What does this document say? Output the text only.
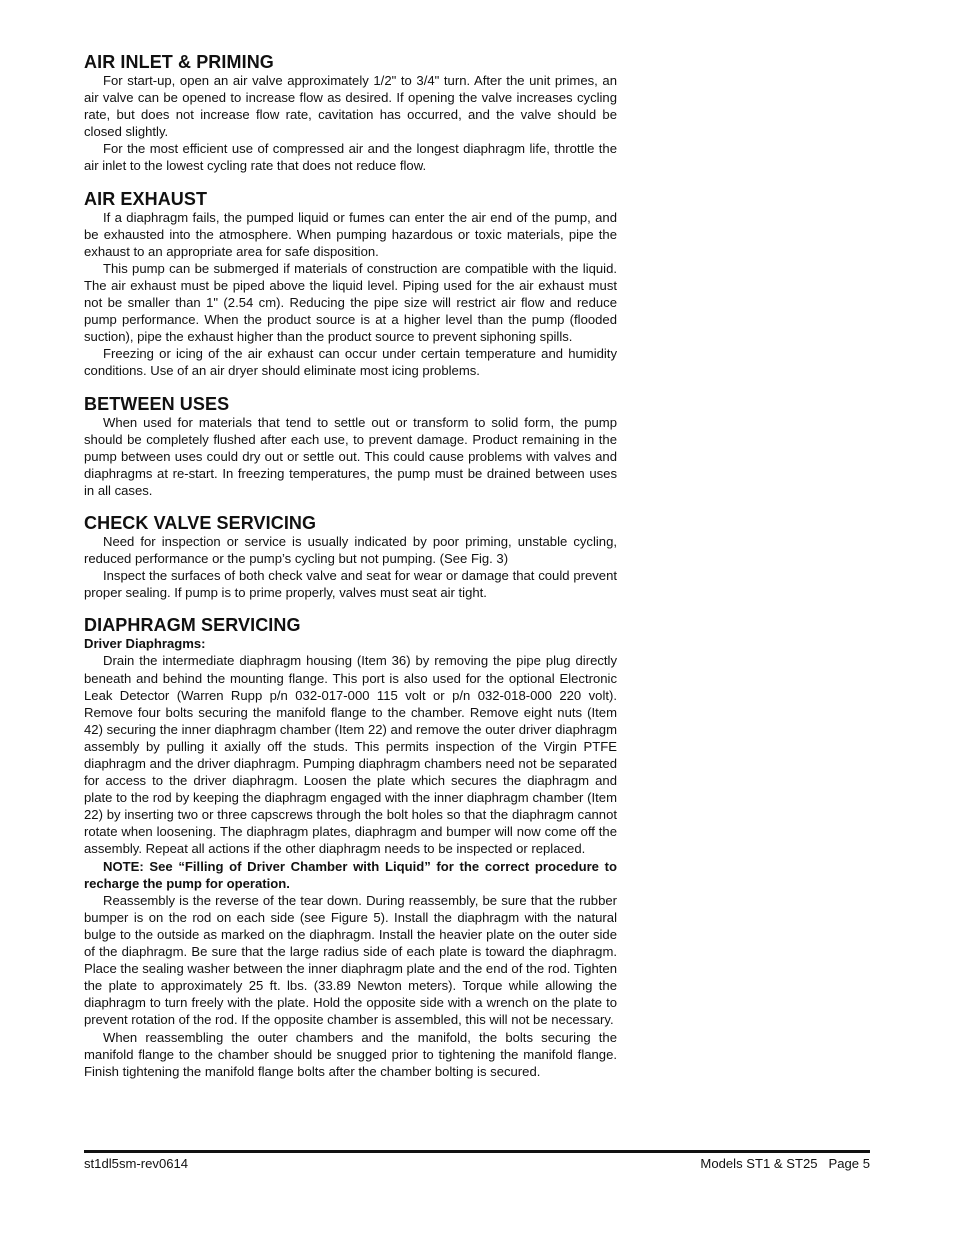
AIR INLET & PRIMING

For start-up, open an air valve approximately 1/2" to 3/4" turn. After the unit primes, an air valve can be opened to increase flow as desired. If opening the valve increases cycling rate, but does not increase flow rate, cavitation has occurred, and the valve should be closed slightly.

For the most efficient use of compressed air and the longest diaphragm life, throttle the air inlet to the lowest cycling rate that does not reduce flow.

AIR EXHAUST

If a diaphragm fails, the pumped liquid or fumes can enter the air end of the pump, and be exhausted into the atmosphere. When pumping hazardous or toxic materials, pipe the exhaust to an appropriate area for safe disposition.

This pump can be submerged if materials of construction are compatible with the liquid. The air exhaust must be piped above the liquid level. Piping used for the air exhaust must not be smaller than 1" (2.54 cm). Reducing the pipe size will restrict air flow and reduce pump performance. When the product source is at a higher level than the pump (flooded suction), pipe the exhaust higher than the product source to prevent siphoning spills.

Freezing or icing of the air exhaust can occur under certain temperature and humidity conditions. Use of an air dryer should eliminate most icing problems.

BETWEEN USES

When used for materials that tend to settle out or transform to solid form, the pump should be completely flushed after each use, to prevent damage. Product remaining in the pump between uses could dry out or settle out. This could cause problems with valves and diaphragms at re-start. In freezing temperatures, the pump must be drained between uses in all cases.

CHECK VALVE SERVICING

Need for inspection or service is usually indicated by poor priming, unstable cycling, reduced performance or the pump’s cycling but not pumping. (See Fig. 3)

Inspect the surfaces of both check valve and seat for wear or damage that could prevent proper sealing. If pump is to prime properly, valves must seat air tight.

DIAPHRAGM SERVICING
Driver Diaphragms:

Drain the intermediate diaphragm housing (Item 36) by removing the pipe plug directly beneath and behind the mounting flange. This port is also used for the optional Electronic Leak Detector (Warren Rupp p/n 032-017-000 115 volt or p/n 032-018-000 220 volt). Remove four bolts securing the manifold flange to the chamber. Remove eight nuts (Item 42) securing the inner diaphragm chamber (Item 22) and remove the outer driver diaphragm assembly by pulling it axially off the studs. This permits inspection of the Virgin PTFE diaphragm and the driver diaphragm. Pumping diaphragm chambers need not be separated for access to the driver diaphragm. Loosen the plate which secures the diaphragm and plate to the rod by keeping the diaphragm engaged with the inner diaphragm chamber (Item 22) by inserting two or three capscrews through the bolt holes so that the diaphragm cannot rotate when loosening. The diaphragm plates, diaphragm and bumper will now come off the assembly. Repeat all actions if the other diaphragm needs to be inspected or replaced.

NOTE: See “Filling of Driver Chamber with Liquid” for the correct procedure to recharge the pump for operation.

Reassembly is the reverse of the tear down. During reassembly, be sure that the rubber bumper is on the rod on each side (see Figure 5). Install the diaphragm with the natural bulge to the outside as marked on the diaphragm. Install the heavier plate on the outer side of the diaphragm. Be sure that the large radius side of each plate is toward the diaphragm. Place the sealing washer between the inner diaphragm plate and the end of the rod. Tighten the plate to approximately 25 ft. lbs. (33.89 Newton meters). Torque while allowing the diaphragm to turn freely with the plate. Hold the opposite side with a wrench on the plate to prevent rotation of the rod. If the opposite chamber is assembled, this will not be necessary.

When reassembling the outer chambers and the manifold, the bolts securing the manifold flange to the chamber should be snugged prior to tightening the manifold flange. Finish tightening the manifold flange bolts after the chamber bolting is secured.

st1dl5sm-rev0614	Models ST1 & ST25   Page 5
